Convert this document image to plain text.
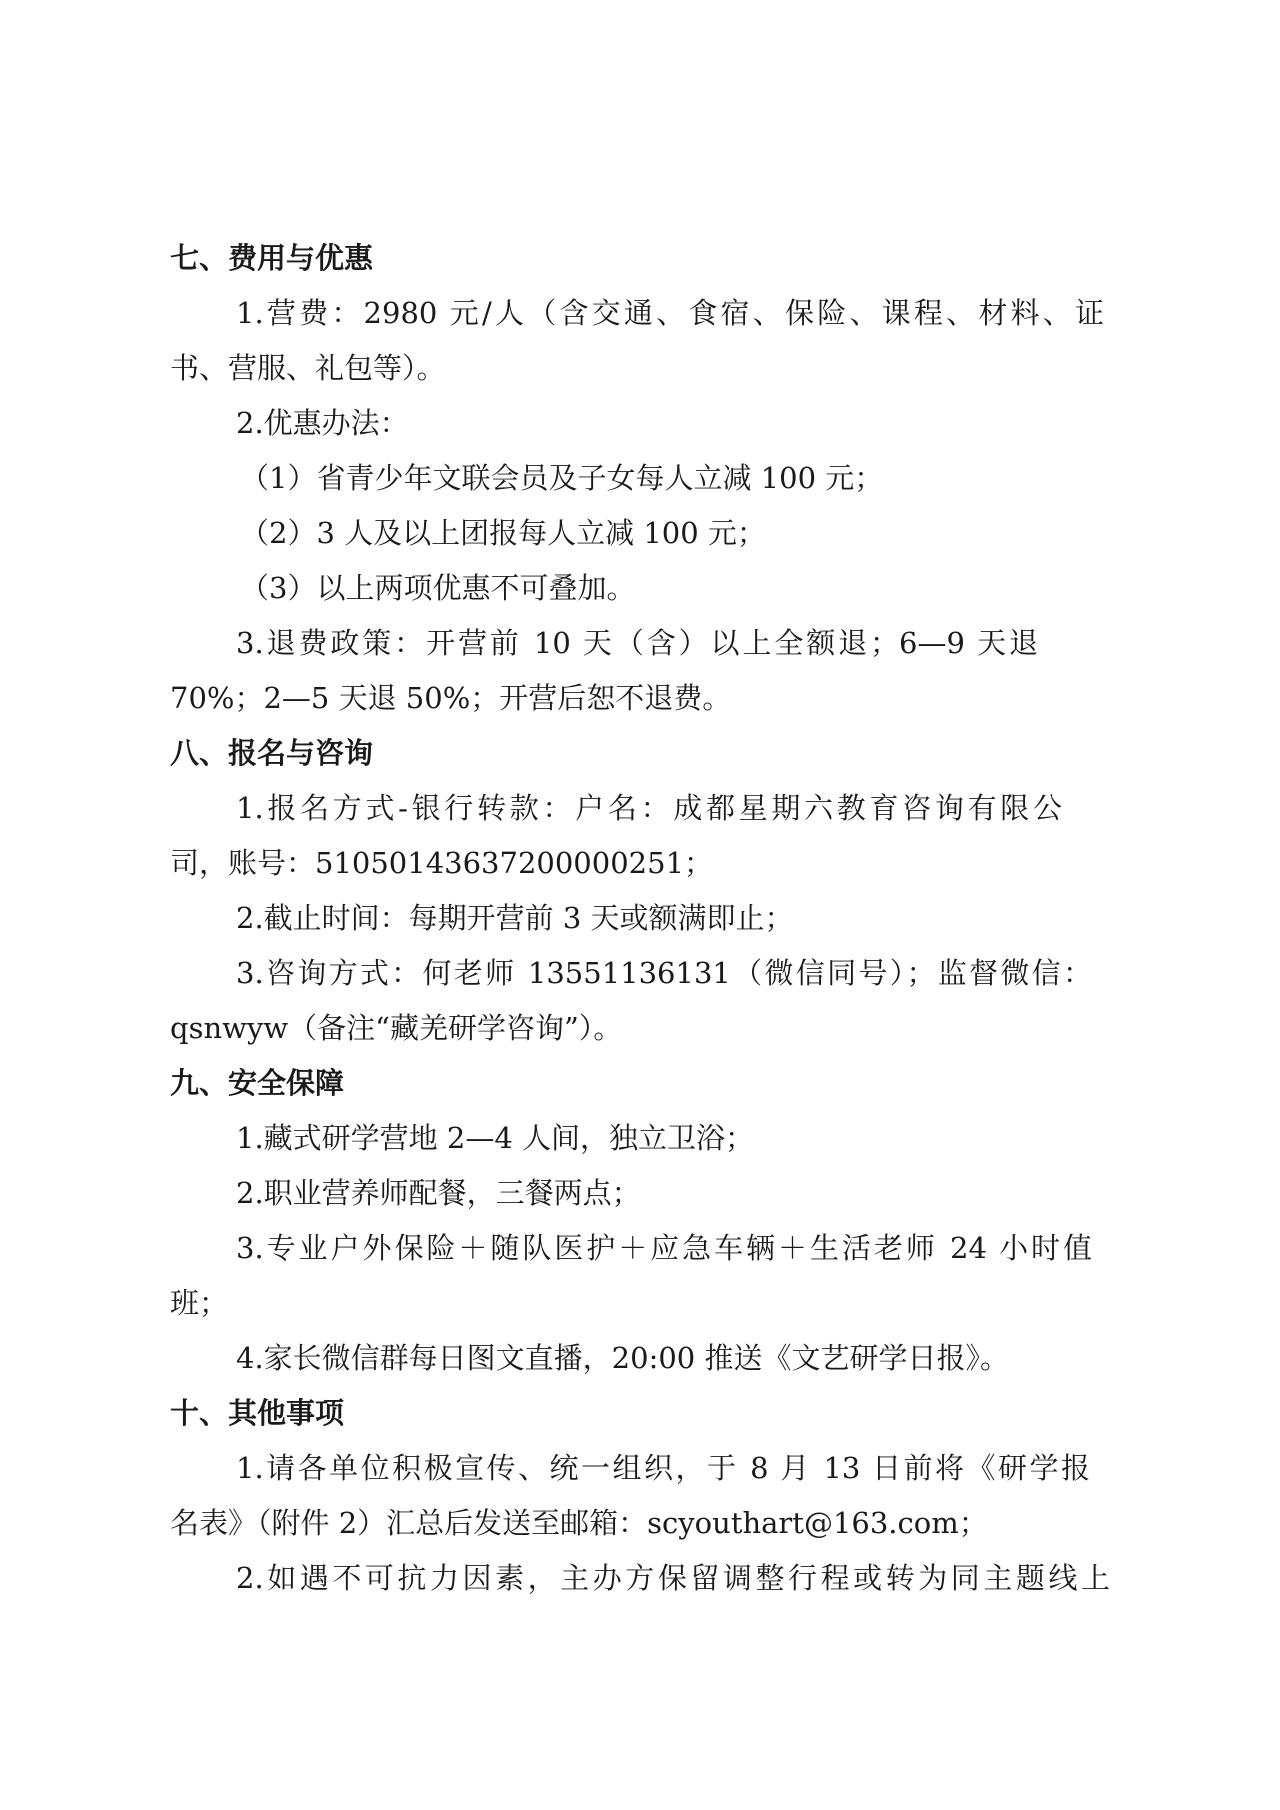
七、费用与优惠
1.营费：2980 元/人（含交通、食宿、保险、课程、材料、证
书、营服、礼包等）。
2.优惠办法：
（1）省青少年文联会员及子女每人立减 100 元；
（2）3 人及以上团报每人立减 100 元；
（3）以上两项优惠不可叠加。
3.退费政策：开营前 10 天（含）以上全额退；6—9 天退
70%；2—5 天退 50%；开营后恕不退费。
八、报名与咨询
1.报名方式-银行转款：户名：成都星期六教育咨询有限公
司，账号：51050143637200000251；
2.截止时间：每期开营前 3 天或额满即止；
3.咨询方式：何老师 13551136131（微信同号）；监督微信：
qsnwyw（备注“藏羌研学咨询”）。
九、安全保障
1.藏式研学营地 2—4 人间，独立卫浴；
2.职业营养师配餐，三餐两点；
3.专业户外保险＋随队医护＋应急车辆＋生活老师 24 小时值
班；
4.家长微信群每日图文直播，20:00 推送《文艺研学日报》。
十、其他事项
1.请各单位积极宣传、统一组织，于 8 月 13 日前将《研学报
名表》（附件 2）汇总后发送至邮箱：scyouthart@163.com；
2.如遇不可抗力因素，主办方保留调整行程或转为同主题线上
